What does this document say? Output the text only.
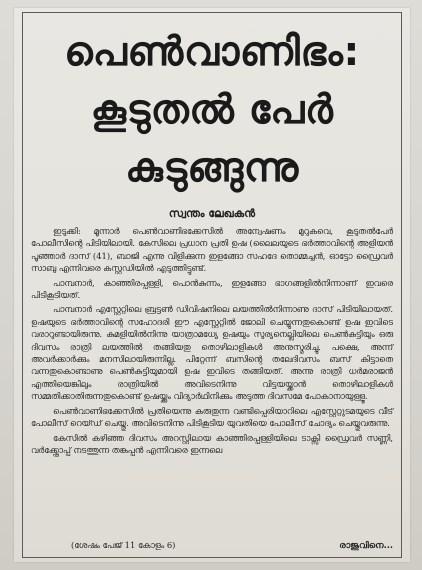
പെൺവാണിഭം:
കൂടുതൽ പേർ
കുടുങ്ങുന്നു
സ്വന്തം ലേഖകൻ

ഇടുക്കി: മൂന്നാർ പെൺവാണിഭക്കേസിൽ അന്വേഷണം മുറുകവെ, കൂടുതൽപേർ പോലീസിന്റെ പിടിയിലായി. കേസിലെ പ്രധാന പ്രതി ഉഷ (ലൈലയുടെ ഭർത്താവിന്റെ അളിയൻ പൂഞ്ഞാർ ദാസ് (41), ബാജി എന്നു വിളിക്കുന്ന ഇളങ്ങോ സഹദേ തൊമ്മച്ചൻ, ഓട്ടോ ഡ്രൈവർ സാബു എന്നിവരെ കസ്റ്റഡിയിൽ എടുത്തിട്ടുണ്ട്.

പാമ്പനാർ, കാഞ്ഞിരപ്പള്ളി, പൊൻകുന്നം, ഇളങ്ങോ ഭാഗങ്ങളിൽനിന്നാണ് ഇവരെ പിടികൂടിയത്.

പാമ്പനാർ എസ്റ്റേറ്റിലെ ബ്രട്ടൺ ഡിവിഷനിലെ ലയത്തിൽനിന്നാണു ദാസ് പിടിയിലായത്. ഉഷയുടെ ഭർത്താവിന്റെ സഹോദരി ഈ എസ്റ്റേറ്റിൽ ജോലി ചെയ്യുന്നതുകൊണ്ട് ഉഷ ഇവിടെ വരാറുണ്ടായിരുന്നു. കുമളിയിൽനിന്നു യാത്രാമധ്യേ ഉഷയും സുര്യനെല്ലിയിലെ പെൺകുട്ടിയും ഒരു ദിവസം രാത്രി ലയത്തിൽ തങ്ങിയതു തൊഴിലാളികൾ അനുസ്മരിച്ചു. പക്ഷെ, അന്ന് അവർക്കാർക്കും മനസിലായിരുന്നില്ല. പിറ്റേന്ന് ബസിന്റെ തലേദിവസം ബസ് കിട്ടാതെ വന്നതുകൊണ്ടാണു പെൺകുട്ടിയുമായി ഉഷ ഇവിടെ തങ്ങിയത്. അന്നു രാത്രി ധർമരാജൻ എത്തിയെങ്കിലും രാത്രിയിൽ അവിടെനിന്നു വിട്ടയയ്ക്കാൻ തൊഴിലാളികൾ സമ്മതിക്കാതിരുന്നതുകൊണ്ട് ഉഷയ്ക്കും വിദ്യാർഥിനിക്കും അടുത്ത ദിവസമേ പോകാനായുള്ളൂ.

പെൺവാണിഭക്കേസിൽ പ്രതിയെന്നു കരുതുന്ന വണ്ടിപ്പെരിയാറിലെ എസ്റ്റേറ്റുടമയുടെ വീട് പോലീസ് റെയ്ഡ് ചെയ്തു. അവിടെനിന്നു പിടികൂടിയ യുവതിയെ പോലീസ് ചോദ്യം ചെയ്തുവരുന്നു.

കേസിൽ കഴിഞ്ഞ ദിവസം അറസ്റ്റിലായ കാഞ്ഞിരപ്പള്ളിയിലെ ടാക്സി ഡ്രൈവർ സണ്ണി, വർക്ക്ഷോപ്പ് നടത്തുന്ന തങ്കപ്പൻ എന്നിവരെ ഇന്നലെ

(ശേഷം പേജ് 11 കോളം 6)	രാജുവിനെ...
